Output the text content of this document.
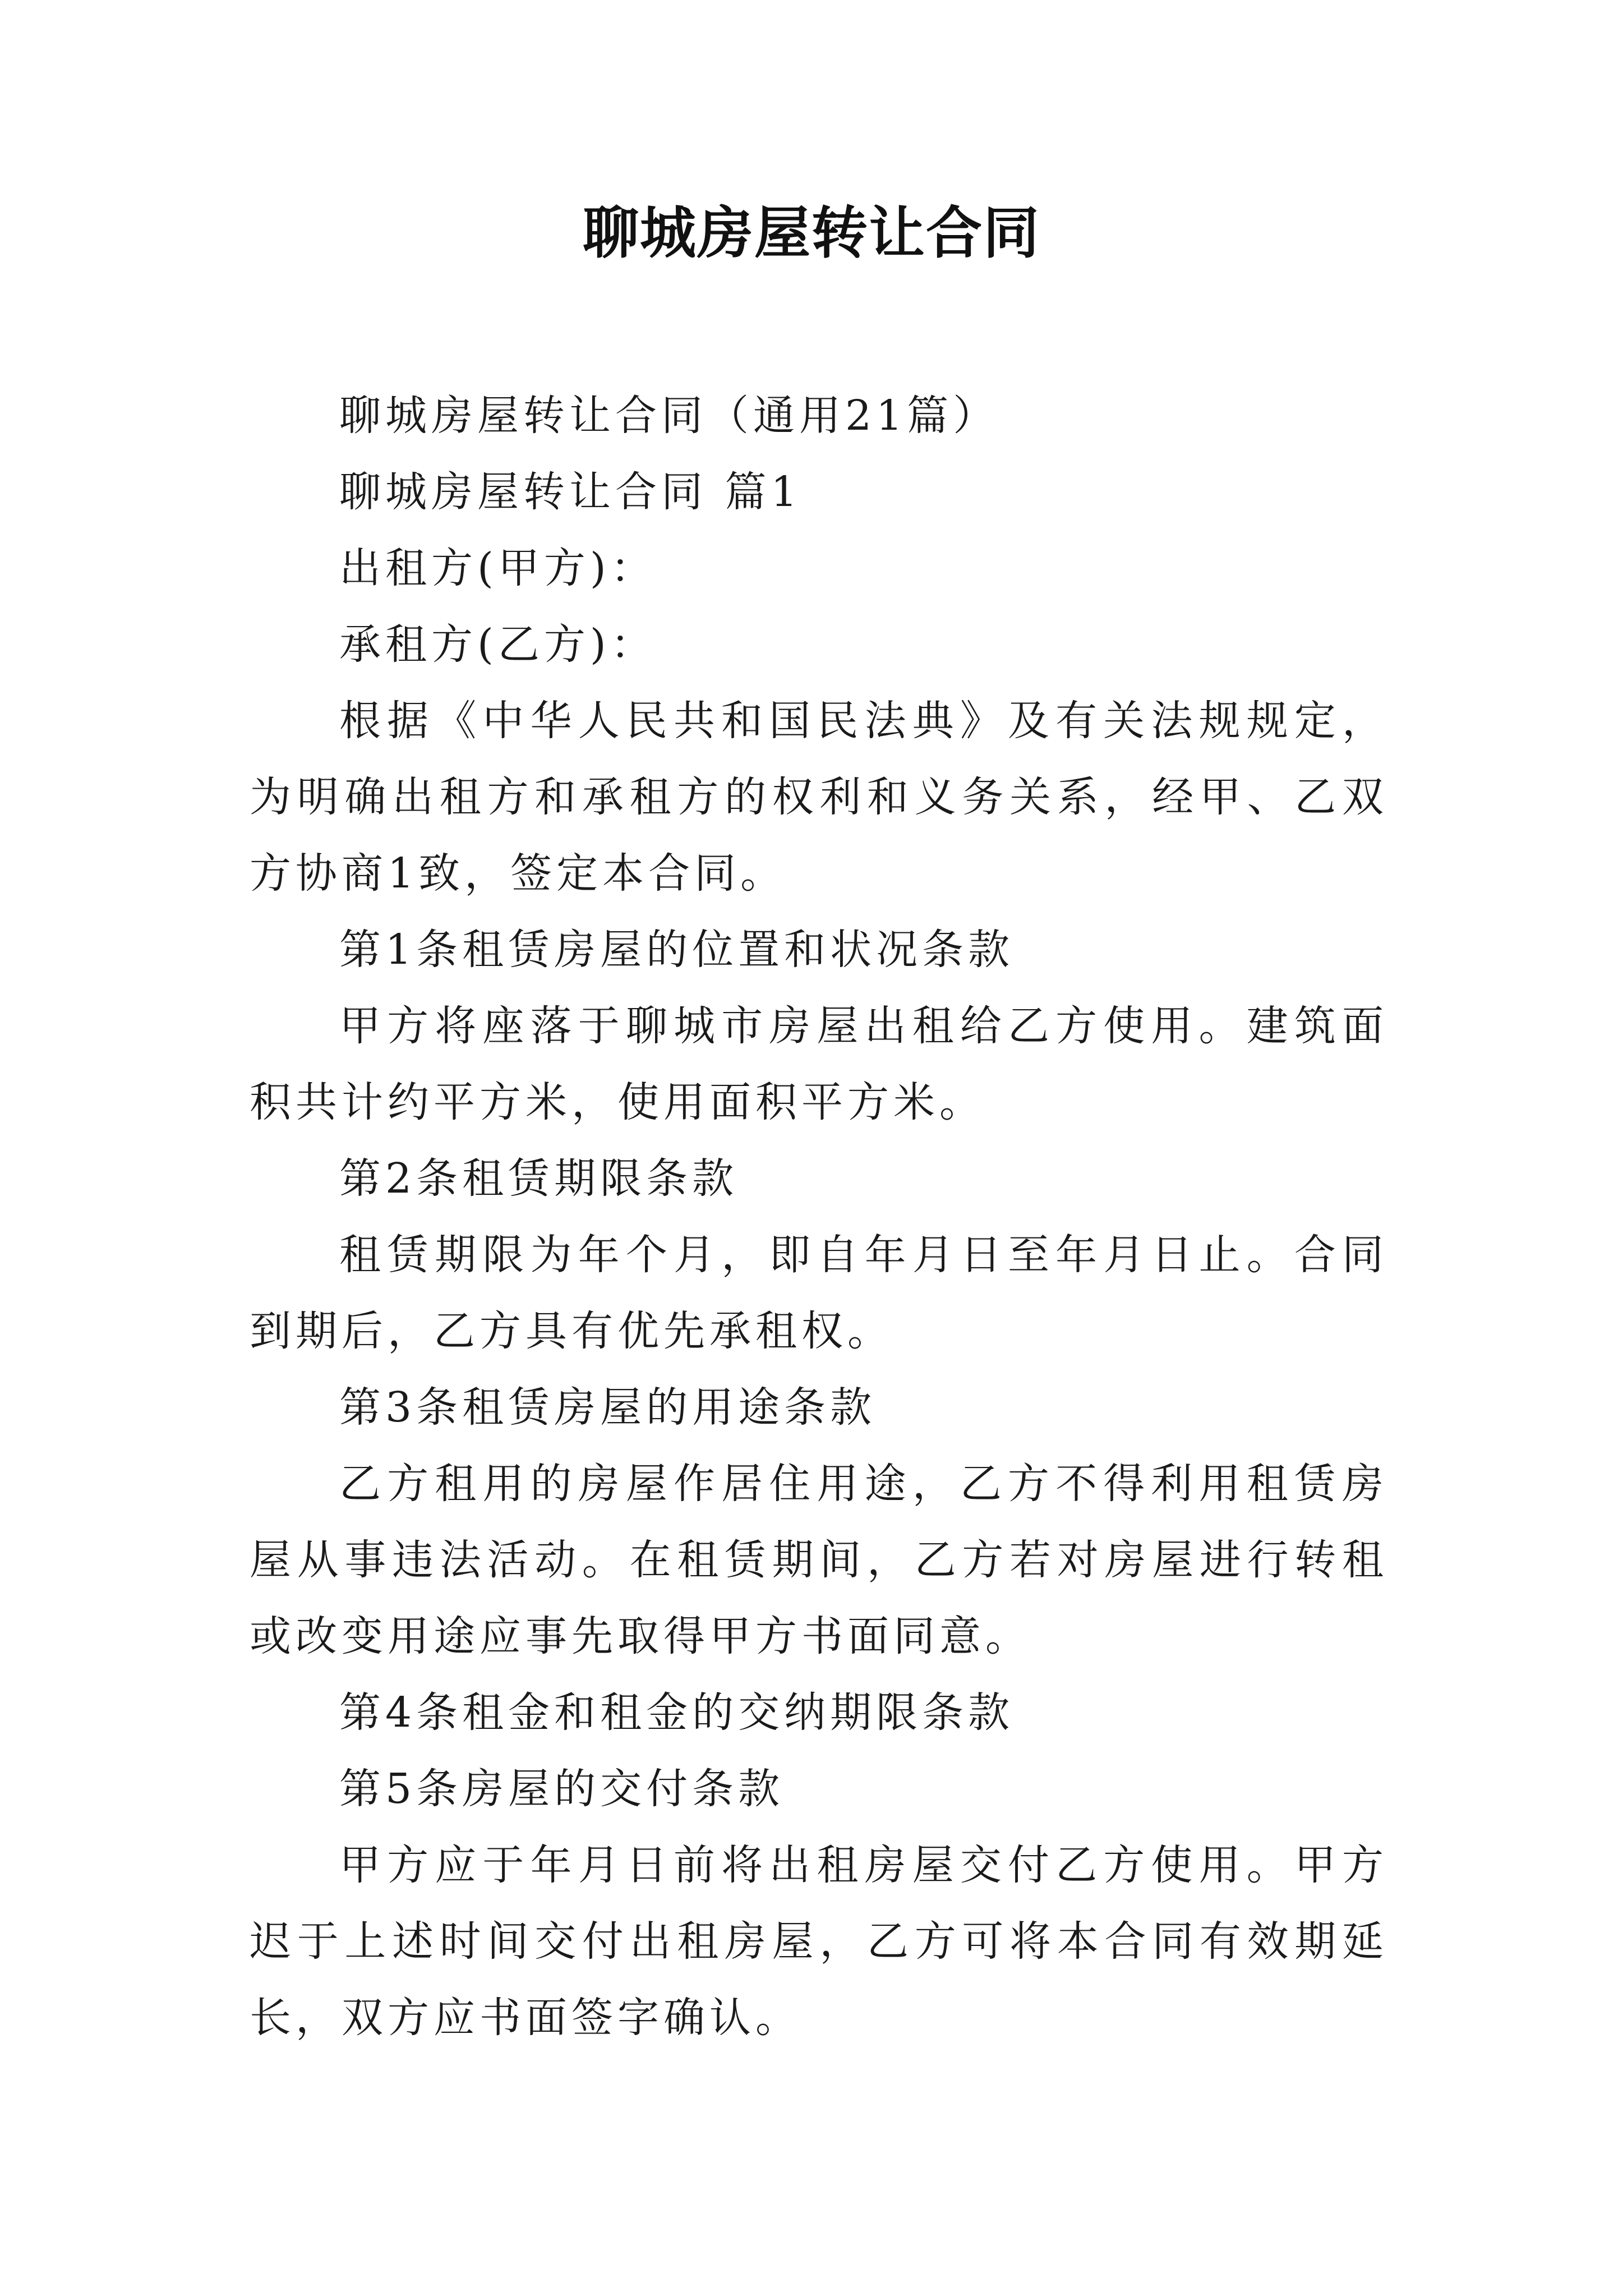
聊城房屋转让合同

聊城房屋转让合同（通用21篇）

聊城房屋转让合同 篇1

出租方(甲方)：

承租方(乙方)：

根据《中华人民共和国民法典》及有关法规规定，为明确出租方和承租方的权利和义务关系，经甲、乙双方协商1致，签定本合同。

第1条租赁房屋的位置和状况条款

甲方将座落于聊城市房屋出租给乙方使用。建筑面积共计约平方米，使用面积平方米。

第2条租赁期限条款

租赁期限为年个月，即自年月日至年月日止。合同到期后，乙方具有优先承租权。

第3条租赁房屋的用途条款

乙方租用的房屋作居住用途，乙方不得利用租赁房屋从事违法活动。在租赁期间，乙方若对房屋进行转租或改变用途应事先取得甲方书面同意。

第4条租金和租金的交纳期限条款

第5条房屋的交付条款

甲方应于年月日前将出租房屋交付乙方使用。甲方迟于上述时间交付出租房屋，乙方可将本合同有效期延长，双方应书面签字确认。
